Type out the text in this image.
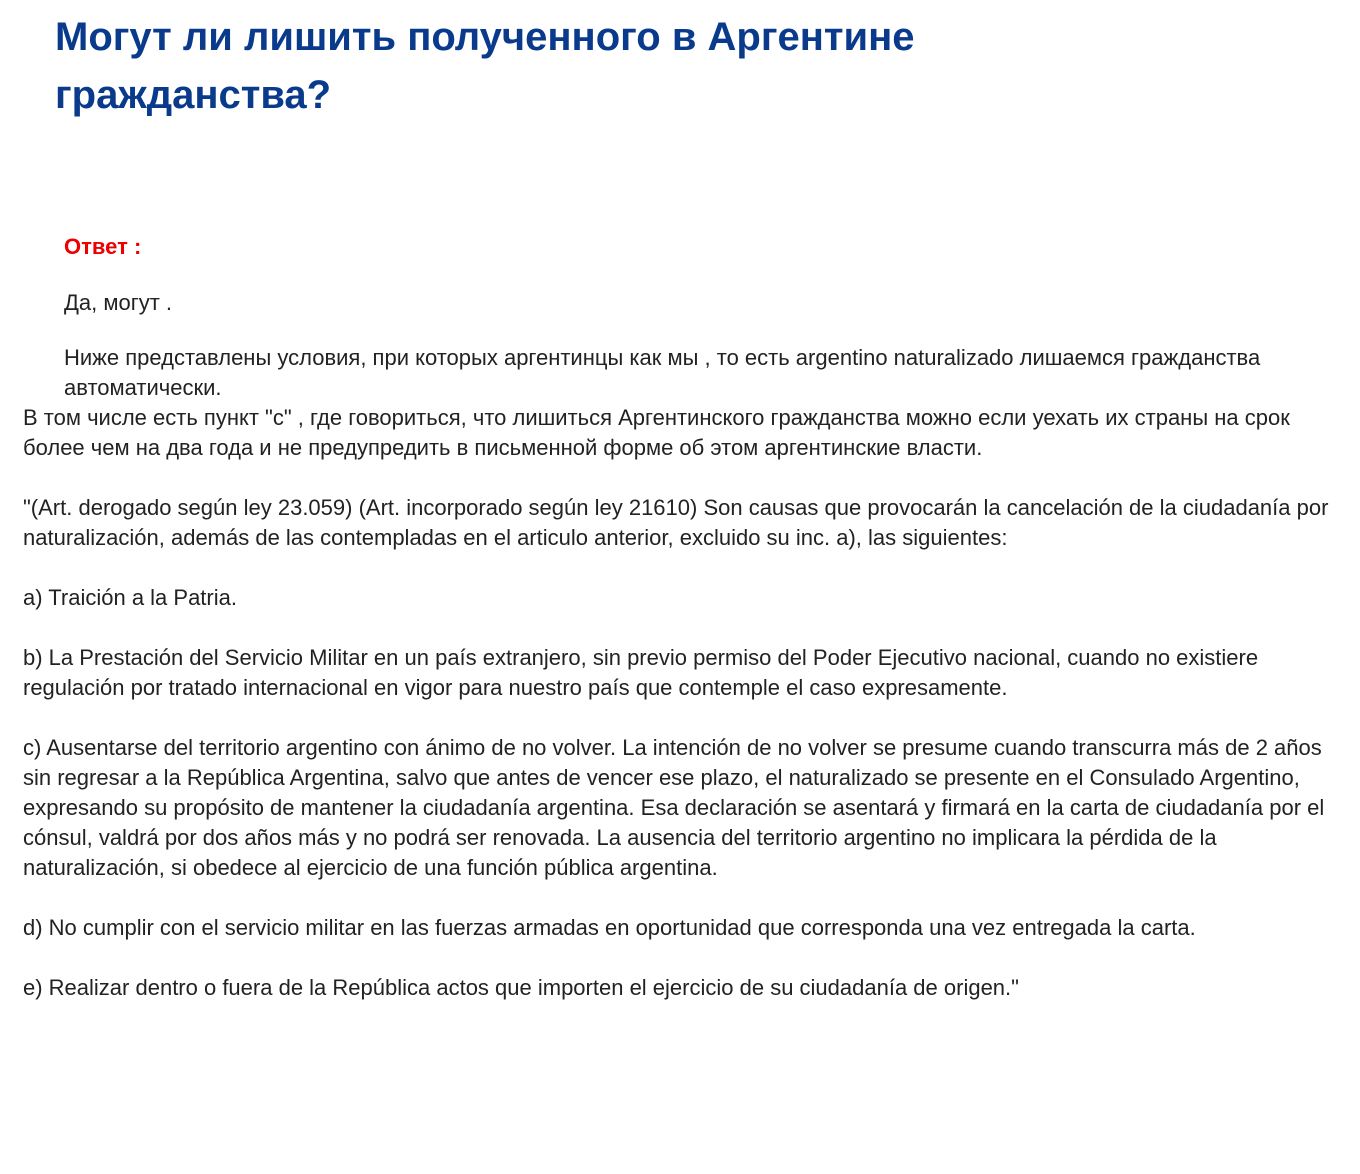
Могут ли лишить полученного в Аргентине гражданства?

Ответ :

Да, могут .

Ниже представлены условия, при которых аргентинцы как мы , то есть argentino naturalizado лишаемся гражданства автоматически.

В том числе есть пункт "c" , где говориться, что лишиться Аргентинского гражданства можно если уехать их страны на срок более чем на два года и не предупредить в письменной форме об этом аргентинские власти.

"(Art. derogado según ley 23.059) (Art. incorporado según ley 21610) Son causas que provocarán la cancelación de la ciudadanía por naturalización, además de las contempladas en el articulo anterior, excluido su inc. a), las siguientes:

a) Traición a la Patria.

b) La Prestación del Servicio Militar en un país extranjero, sin previo permiso del Poder Ejecutivo nacional, cuando no existiere regulación por tratado internacional en vigor para nuestro país que contemple el caso expresamente.

c) Ausentarse del territorio argentino con ánimo de no volver. La intención de no volver se presume cuando transcurra más de 2 años sin regresar a la República Argentina, salvo que antes de vencer ese plazo, el naturalizado se presente en el Consulado Argentino, expresando su propósito de mantener la ciudadanía argentina. Esa declaración se asentará y firmará en la carta de ciudadanía por el cónsul, valdrá por dos años más y no podrá ser renovada. La ausencia del territorio argentino no implicara la pérdida de la naturalización, si obedece al ejercicio de una función pública argentina.

d) No cumplir con el servicio militar en las fuerzas armadas en oportunidad que corresponda una vez entregada la carta.

e) Realizar dentro o fuera de la República actos que importen el ejercicio de su ciudadanía de origen."
